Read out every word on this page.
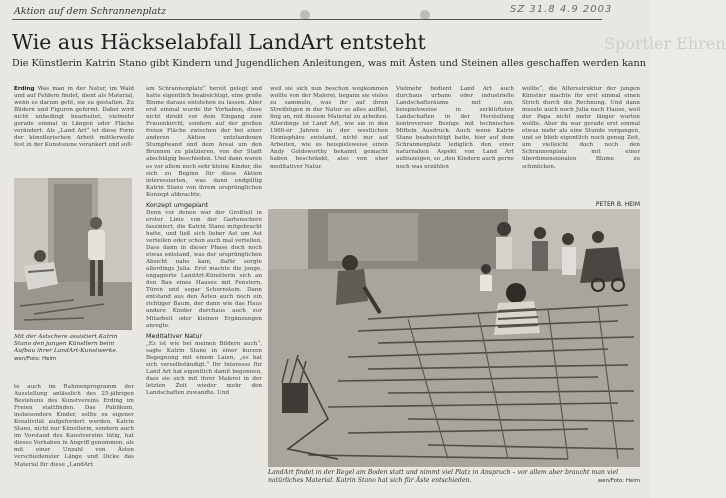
Aktion auf dem Schrannenplatz	SZ 31.8 4.9 2003
Sportler Ehren
Wie aus Häckselabfall LandArt entsteht
Die Künstlerin Katrin Stano gibt Kindern und Jugendlichen Anleitungen, was mit Ästen und Steinen alles geschaffen werden kann
Erding Was man in der Natur, im Wald und auf Feldern findet, dient als Material, wenn es darum geht, sie zu gestalten. Zu Bildern und Figuren geformt. Dabei wird nicht unbedingt bearbeitet, vielmehr gerade einmal in Längen oder Fläche verändert. Als „Land Art“ ist diese Form der künstlerischen Arbeit mittlerweile fest in der Kunstszene verankert und soll-
Mit der Astschere assistiert Katrin Stano den jungen Künstlern beim Aufbau ihrer LandArt-Kunstwerke. wen/Foto: Heim
te auch im Rahmenprogramm der Ausstellung anlässlich des 25-jährigen Bestehens des Kunstvereins Erding im Freien stattfinden. Das Publikum, insbesondere Kinder, sollte zu eigener Kreativität aufgefordert werden. Katrin Stano, nicht nur Künstlerin, sondern auch im Vorstand des Kunstvereins tätig, hat dieses Vorhaben in Angriff genommen, als mit einer Unzahl von Ästen verschiedenster Länge und Dicke das Material für diese „LandArt
am Schrannenplatz“ bereit gelegt und hatte eigentlich beabsichtigt, eine große Blume daraus entstehen zu lassen. Aber erst einmal wurde ihr Vorhaben, diese nicht direkt vor dem Eingang zum Frauenkirchl, sondern auf der großen freien Fläche zwischen der bei einer anderen Aktion entstandenen Stumpfwand und dem Areal um den Brunnen zu platzieren, von der Stadt abschlägig beschieden. Und dann waren es vor allem noch sehr kleine Kinder, die sich zu Beginn für diese Aktion interessierten, was dann endgültig Katrin Stano von ihrem ursprünglichen Konzept abbrachte.
Konzept umgeplant
Denn vor denen war der Großteil in erster Linie von der Gartenschere fasziniert, die Katrin Stano mitgebracht hatte, und ließ sich lieber Ast um Ast verteilen oder schon auch mal verteilen. Dass dann in dieser Phase doch noch etwas entstand, was der ursprünglichen Absicht nahe kam, dafür sorgte allerdings Julia. Erst machte die junge, engagierte LandArt-Künstlerin sich an den Bau eines Hauses mit Fenstern, Türen und sogar Schornstein. Dann entstand aus den Ästen auch noch ein richtiger Baum, der dann wie das Haus andere Kinder durchaus auch zur Mitarbeit oder kleinen Ergänzungen anregte.
Meditativer Natur
„Es ist wie bei meinen Bildern auch“, sagte Katrin Stano in einer kurzen Begegnung mit einem Laien, „es hat sich verselbständigt.“ Ihr Interesse für Land Art hat eigentlich damit begonnen, dass sie sich mit ihrer Malerei in der letzten Zeit wieder mehr den Landschaften zuwandte. Und
weil sie sich nun beschon wegkommen wollte von der Malerei, begann sie vieles zu sammeln, was ihr auf ihren Streifzügen in der Natur so alles auffiel, fing an, mit diesem Material zu arbeiten. Allerdings ist Land Art, wie sie in den 1960-er Jahren in der westlichen Hemisphäre entstand, nicht nur auf Arbeiten, wie es beispielsweise einen Andy Goldsworthy bekannt gemacht haben beschränkt, also von eher meditativer Natur.
Vielmehr bedient Land Art auch durchaus urbane oder industrielle Landschaftsräume mit ein, beispielsweise in zerklüfteten Landschaften in der Herstellung kontroverser Bezüge mit technischen Mitteln Ausdruck. Auch wenn Katrin Stano beabsichtigt hatte, hier auf dem Schrannenplatz lediglich den einer naturnahen Aspekt von Land Art aufzuzeigen, so „den Kindern auch gerne noch was erzählen
wollte“, die Altersstruktur der jungen Künstler machte ihr erst einmal einen Strich durch die Rechnung. Und dann musste auch noch Julia nach Hause, weil der Papa nicht mehr länger warten wollte. Aber da war gerade erst einmal etwas mehr als eine Stunde vergangen, und so blieb eigentlich noch genug Zeit, um vielleicht doch noch den Schrannenplatz mit einer überdimensionalen Blume zu schmücken.
PETER B. HEIM
LandArt findet in der Regel am Boden statt und nimmt viel Platz in Anspruch – vor allem aber braucht man viel natürliches Material. Katrin Stano hat sich für Äste entschieden.	wen/Foto: Heim
